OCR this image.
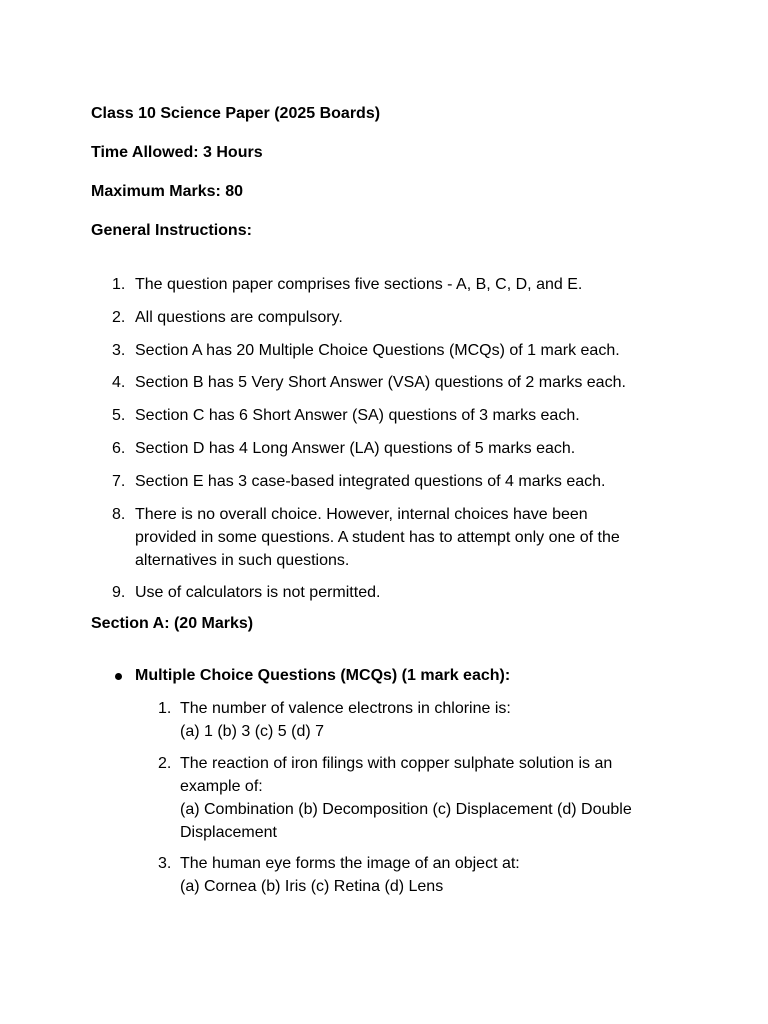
Class 10 Science Paper (2025 Boards)

Time Allowed: 3 Hours

Maximum Marks: 80

General Instructions:

1. The question paper comprises five sections - A, B, C, D, and E.
2. All questions are compulsory.
3. Section A has 20 Multiple Choice Questions (MCQs) of 1 mark each.
4. Section B has 5 Very Short Answer (VSA) questions of 2 marks each.
5. Section C has 6 Short Answer (SA) questions of 3 marks each.
6. Section D has 4 Long Answer (LA) questions of 5 marks each.
7. Section E has 3 case-based integrated questions of 4 marks each.
8. There is no overall choice. However, internal choices have been
provided in some questions. A student has to attempt only one of the
alternatives in such questions.
9. Use of calculators is not permitted.

Section A: (20 Marks)

Multiple Choice Questions (MCQs) (1 mark each):
1. The number of valence electrons in chlorine is:
(a) 1 (b) 3 (c) 5 (d) 7
2. The reaction of iron filings with copper sulphate solution is an
example of:
(a) Combination (b) Decomposition (c) Displacement (d) Double
Displacement
3. The human eye forms the image of an object at:
(a) Cornea (b) Iris (c) Retina (d) Lens
